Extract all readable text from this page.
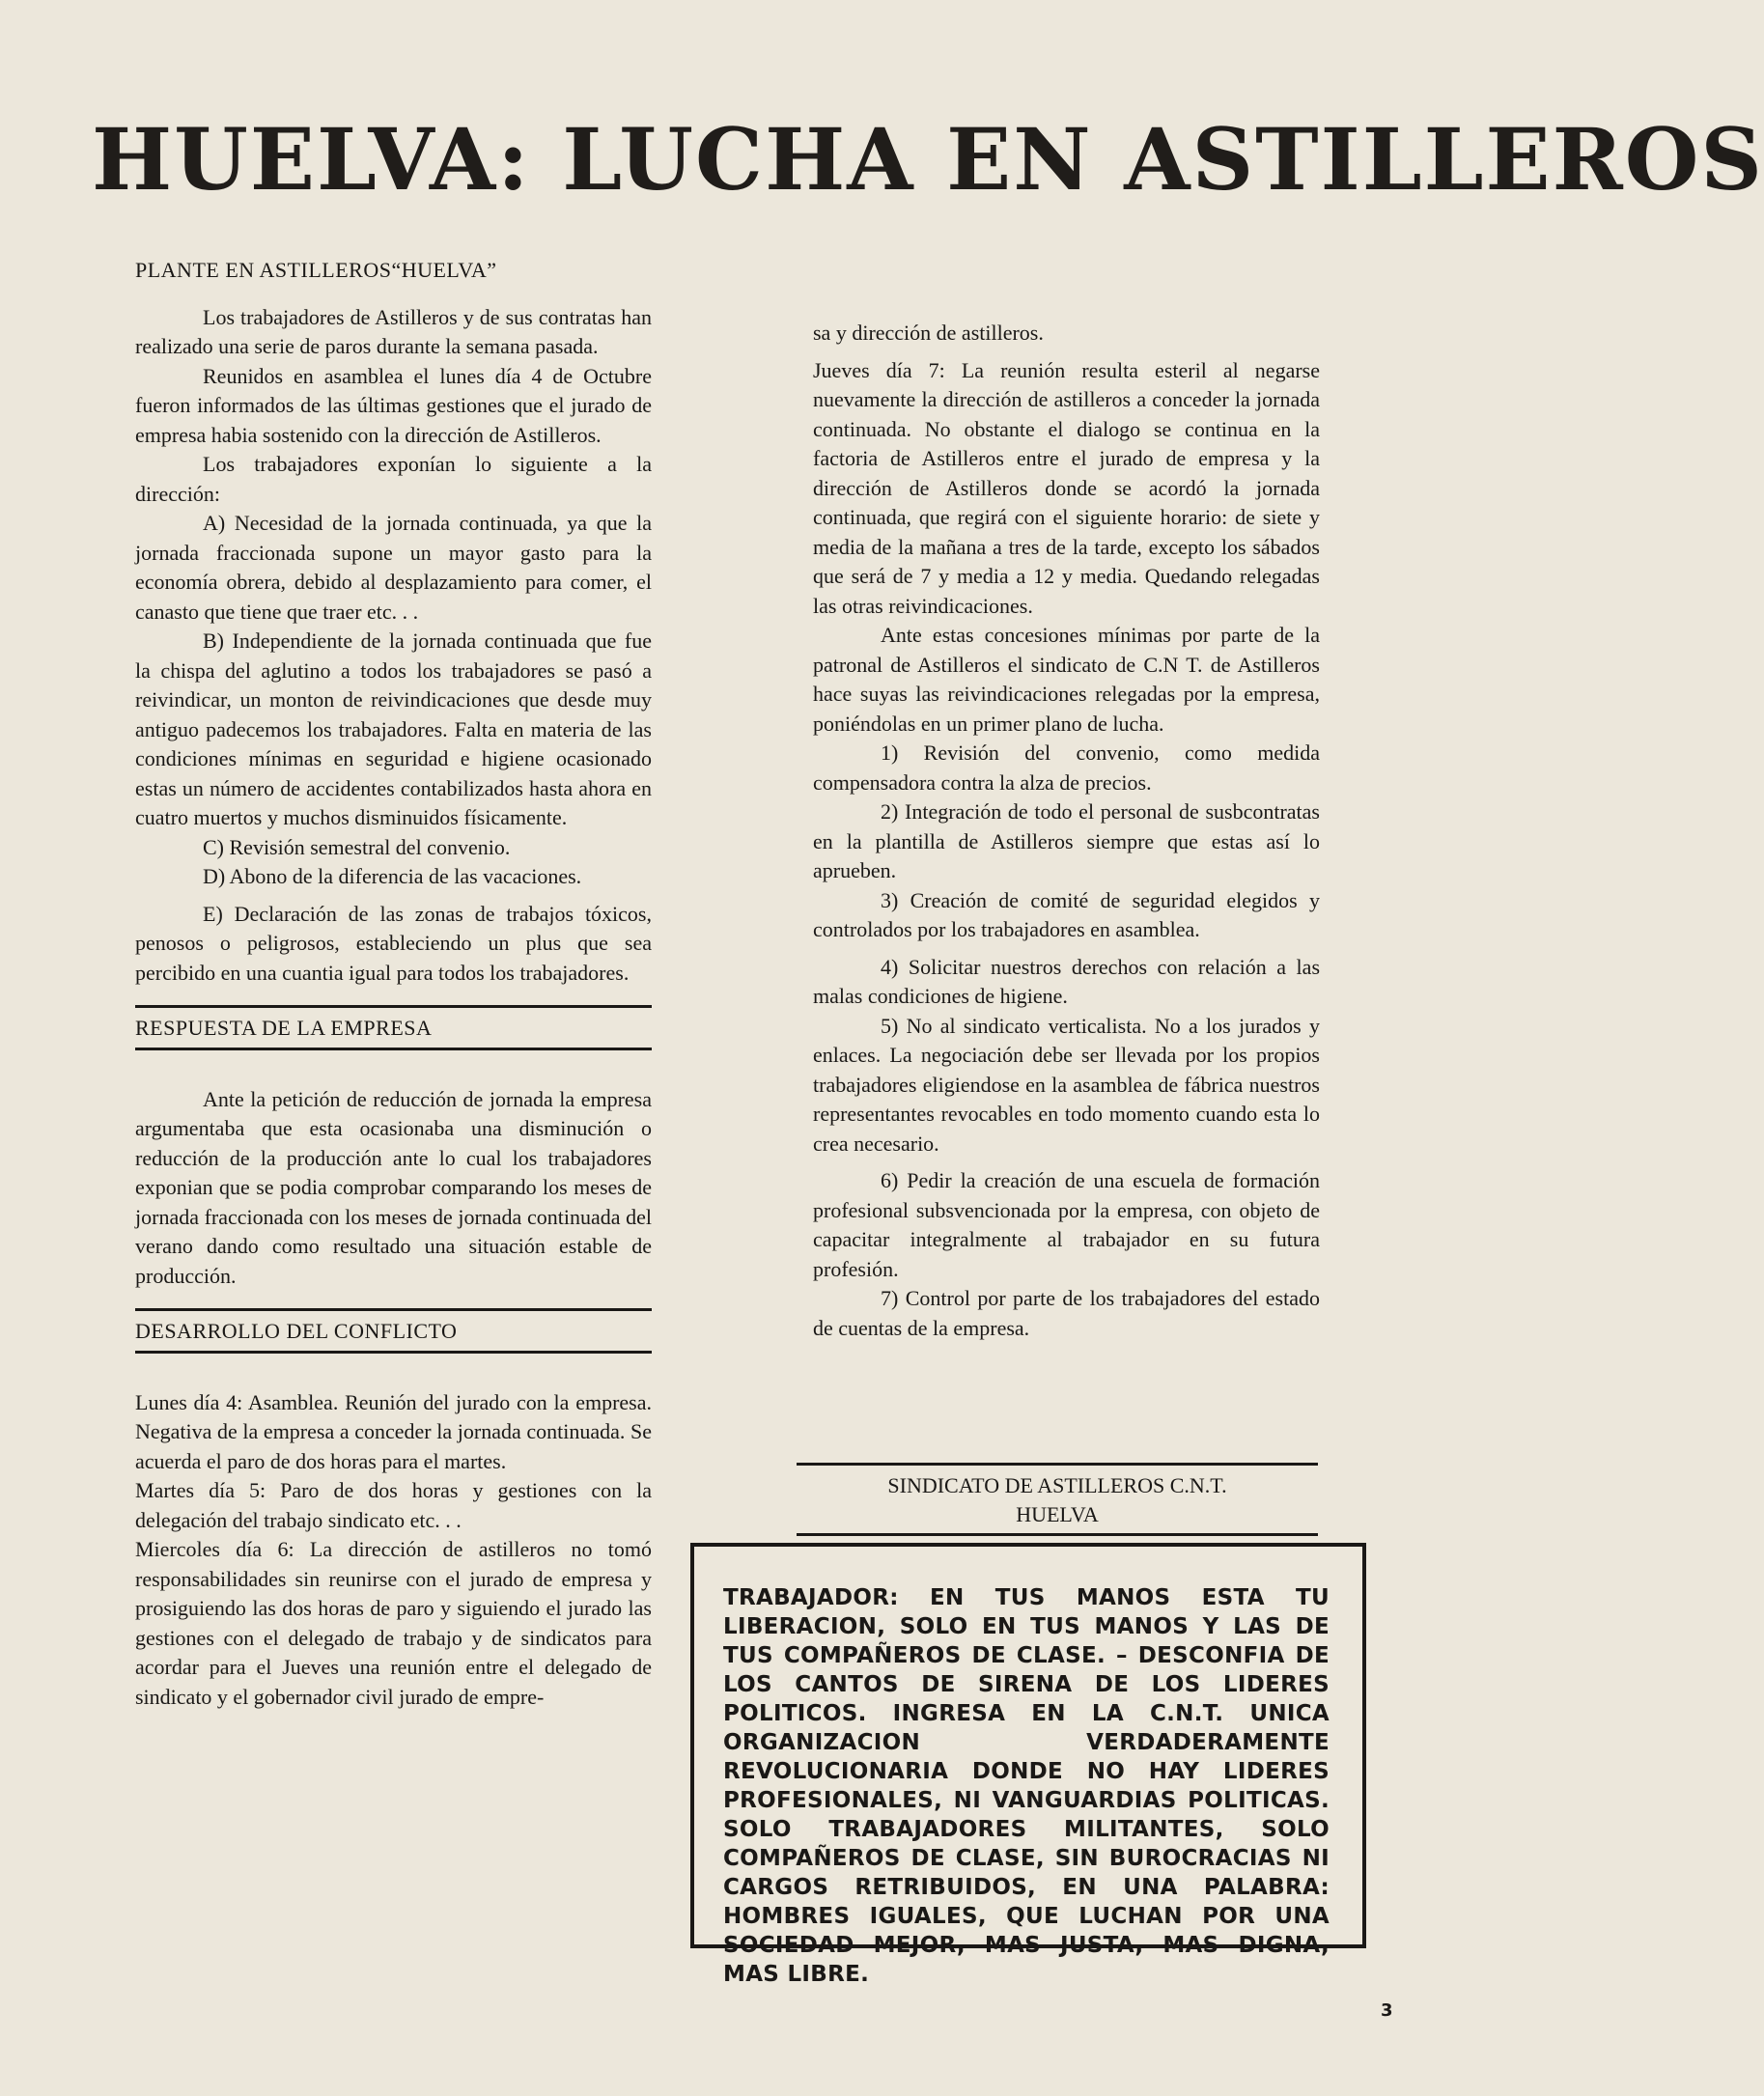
HUELVA: LUCHA EN ASTILLEROS
PLANTE EN ASTILLEROS“HUELVA”

Los trabajadores de Astilleros y de sus contratas han realizado una serie de paros durante la semana pasada.

Reunidos en asamblea el lunes día 4 de Octubre fueron informados de las últimas gestiones que el jurado de empresa habia sostenido con la dirección de Astilleros.

Los trabajadores exponían lo siguiente a la dirección:

A) Necesidad de la jornada continuada, ya que la jornada fraccionada supone un mayor gasto para la economía obrera, debido al desplazamiento para comer, el canasto que tiene que traer etc. . .

B) Independiente de la jornada continuada que fue la chispa del aglutino a todos los trabajadores se pasó a reivindicar, un monton de reivindicaciones que desde muy antiguo padecemos los trabajadores. Falta en materia de las condiciones mínimas en seguridad e higiene ocasionado estas un número de accidentes contabilizados hasta ahora en cuatro muertos y muchos disminuidos físicamente.

C) Revisión semestral del convenio.

D) Abono de la diferencia de las vacaciones.

E) Declaración de las zonas de trabajos tóxicos, penosos o peligrosos, estableciendo un plus que sea percibido en una cuantia igual para todos los trabajadores.

RESPUESTA DE LA EMPRESA

Ante la petición de reducción de jornada la empresa argumentaba que esta ocasionaba una disminución o reducción de la producción ante lo cual los trabajadores exponian que se podia comprobar comparando los meses de jornada fraccionada con los meses de jornada continuada del verano dando como resultado una situación estable de producción.

DESARROLLO DEL CONFLICTO

Lunes día 4: Asamblea. Reunión del jurado con la empresa. Negativa de la empresa a conceder la jornada continuada. Se acuerda el paro de dos horas para el martes.

Martes día 5: Paro de dos horas y gestiones con la delegación del trabajo sindicato etc. . .

Miercoles día 6: La dirección de astilleros no tomó responsabilidades sin reunirse con el jurado de empresa y prosiguiendo las dos horas de paro y siguiendo el jurado las gestiones con el delegado de trabajo y de sindicatos para acordar para el Jueves una reunión entre el delegado de sindicato y el gobernador civil jurado de empre-

sa y dirección de astilleros.

Jueves día 7: La reunión resulta esteril al negarse nuevamente la dirección de astilleros a conceder la jornada continuada. No obstante el dialogo se continua en la factoria de Astilleros entre el jurado de empresa y la dirección de Astilleros donde se acordó la jornada continuada, que regirá con el siguiente horario: de siete y media de la mañana a tres de la tarde, excepto los sábados que será de 7 y media a 12 y media. Quedando relegadas las otras reivindicaciones.

Ante estas concesiones mínimas por parte de la patronal de Astilleros el sindicato de C.N T. de Astilleros hace suyas las reivindicaciones relegadas por la empresa, poniéndolas en un primer plano de lucha.

1) Revisión del convenio, como medida compensadora contra la alza de precios.

2) Integración de todo el personal de susbcontratas en la plantilla de Astilleros siempre que estas así lo aprueben.

3) Creación de comité de seguridad elegidos y controlados por los trabajadores en asamblea.

4) Solicitar nuestros derechos con relación a las malas condiciones de higiene.

5) No al sindicato verticalista. No a los jurados y enlaces. La negociación debe ser llevada por los propios trabajadores eligiendose en la asamblea de fábrica nuestros representantes revocables en todo momento cuando esta lo crea necesario.

6) Pedir la creación de una escuela de formación profesional subsvencionada por la empresa, con objeto de capacitar integralmente al trabajador en su futura profesión.

7) Control por parte de los trabajadores del estado de cuentas de la empresa.

SINDICATO DE ASTILLEROS C.N.T.
HUELVA

TRABAJADOR: EN TUS MANOS ESTA TU LIBERACION, SOLO EN TUS MANOS Y LAS DE TUS COMPAÑEROS DE CLASE. – DESCONFIA DE LOS CANTOS DE SIRENA DE LOS LIDERES POLITICOS. INGRESA EN LA C.N.T. UNICA ORGANIZACION VERDADERAMENTE REVOLUCIONARIA DONDE NO HAY LIDERES PROFESIONALES, NI VANGUARDIAS POLITICAS. SOLO TRABAJADORES MILITANTES, SOLO COMPAÑEROS DE CLASE, SIN BUROCRACIAS NI CARGOS RETRIBUIDOS, EN UNA PALABRA: HOMBRES IGUALES, QUE LUCHAN POR UNA SOCIEDAD MEJOR, MAS JUSTA, MAS DIGNA, MAS LIBRE.

3
